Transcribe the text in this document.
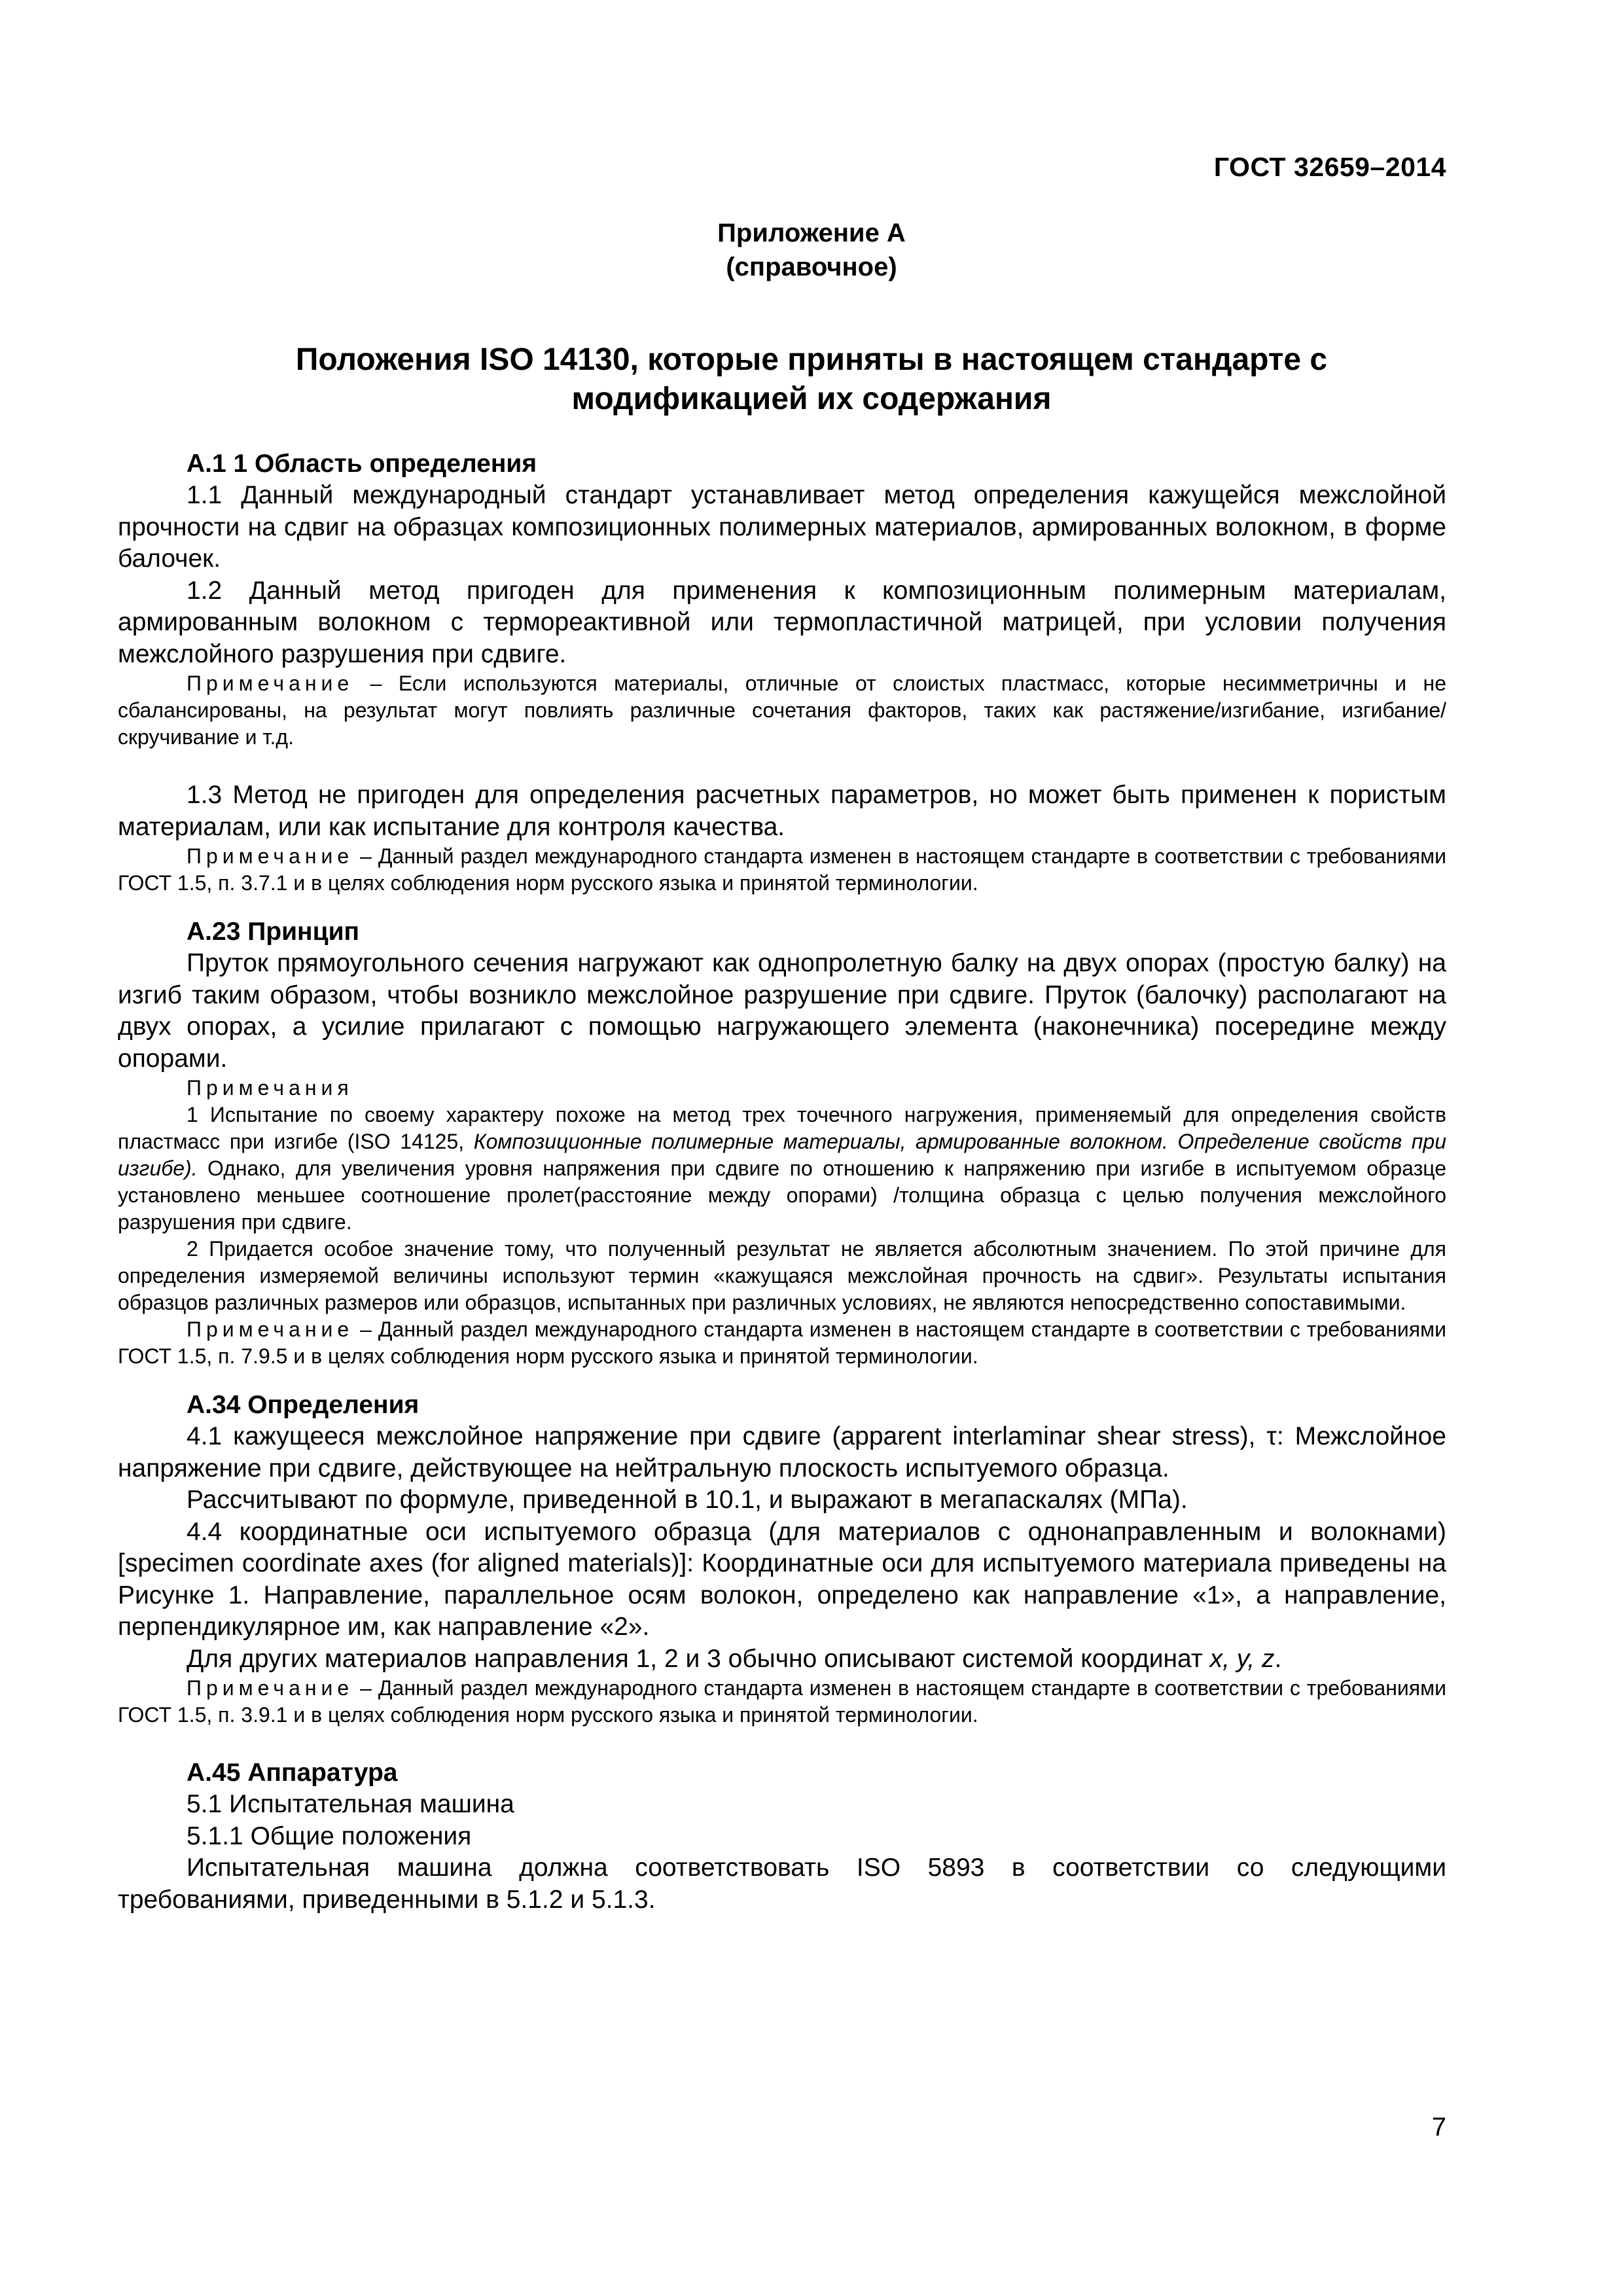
ГОСТ 32659–2014
Приложение А
(справочное)
Положения ISO 14130, которые приняты в настоящем стандарте с
модификацией их содержания

А.1 1 Область определения

1.1 Данный международный стандарт устанавливает метод определения кажущейся межслойной прочности на сдвиг на образцах композиционных полимерных материалов, армированных волокном, в форме балочек.

1.2 Данный метод пригоден для применения к композиционным полимерным материалам, армированным волокном с термореактивной или термопластичной матрицей, при условии получения межслойного разрушения при сдвиге.

Примечание – Если используются материалы, отличные от слоистых пластмасс, которые несимметричны и не сбалансированы, на результат могут повлиять различные сочетания факторов, таких как растяжение/изгибание, изгибание/скручивание и т.д.

1.3 Метод не пригоден для определения расчетных параметров, но может быть применен к пористым материалам, или как испытание для контроля качества.

Примечание – Данный раздел международного стандарта изменен в настоящем стандарте в соответствии с требованиями ГОСТ 1.5, п. 3.7.1 и в целях соблюдения норм русского языка и принятой терминологии.

А.23 Принцип

Пруток прямоугольного сечения нагружают как однопролетную балку на двух опорах (простую балку) на изгиб таким образом, чтобы возникло межслойное разрушение при сдвиге. Пруток (балочку) располагают на двух опорах, а усилие прилагают с помощью нагружающего элемента (наконечника) посередине между опорами.

Примечания

1 Испытание по своему характеру похоже на метод трех точечного нагружения, применяемый для определения свойств пластмасс при изгибе (ISO 14125, Композиционные полимерные материалы, армированные волокном. Определение свойств при изгибе). Однако, для увеличения уровня напряжения при сдвиге по отношению к напряжению при изгибе в испытуемом образце установлено меньшее соотношение пролет(расстояние между опорами) /толщина образца с целью получения межслойного разрушения при сдвиге.

2 Придается особое значение тому, что полученный результат не является абсолютным значением. По этой причине для определения измеряемой величины используют термин «кажущаяся межслойная прочность на сдвиг». Результаты испытания образцов различных размеров или образцов, испытанных при различных условиях, не являются непосредственно сопоставимыми.

Примечание – Данный раздел международного стандарта изменен в настоящем стандарте в соответствии с требованиями ГОСТ 1.5, п. 7.9.5 и в целях соблюдения норм русского языка и принятой терминологии.

А.34 Определения

4.1 кажущееся межслойное напряжение при сдвиге (apparent interlaminar shear stress), τ: Межслойное напряжение при сдвиге, действующее на нейтральную плоскость испытуемого образца.

Рассчитывают по формуле, приведенной в 10.1, и выражают в мегапаскалях (МПа).

4.4 координатные оси испытуемого образца (для материалов с однонаправленным и волокнами) [specimen coordinate axes (for aligned materials)]: Координатные оси для испытуемого материала приведены на Рисунке 1. Направление, параллельное осям волокон, определено как направление «1», а направление, перпендикулярное им, как направление «2».

Для других материалов направления 1, 2 и 3 обычно описывают системой координат x, y, z.

Примечание – Данный раздел международного стандарта изменен в настоящем стандарте в соответствии с требованиями ГОСТ 1.5, п. 3.9.1 и в целях соблюдения норм русского языка и принятой терминологии.

А.45 Аппаратура

5.1 Испытательная машина

5.1.1 Общие положения

Испытательная машина должна соответствовать ISO 5893 в соответствии со следующими требованиями, приведенными в 5.1.2 и 5.1.3.

7
